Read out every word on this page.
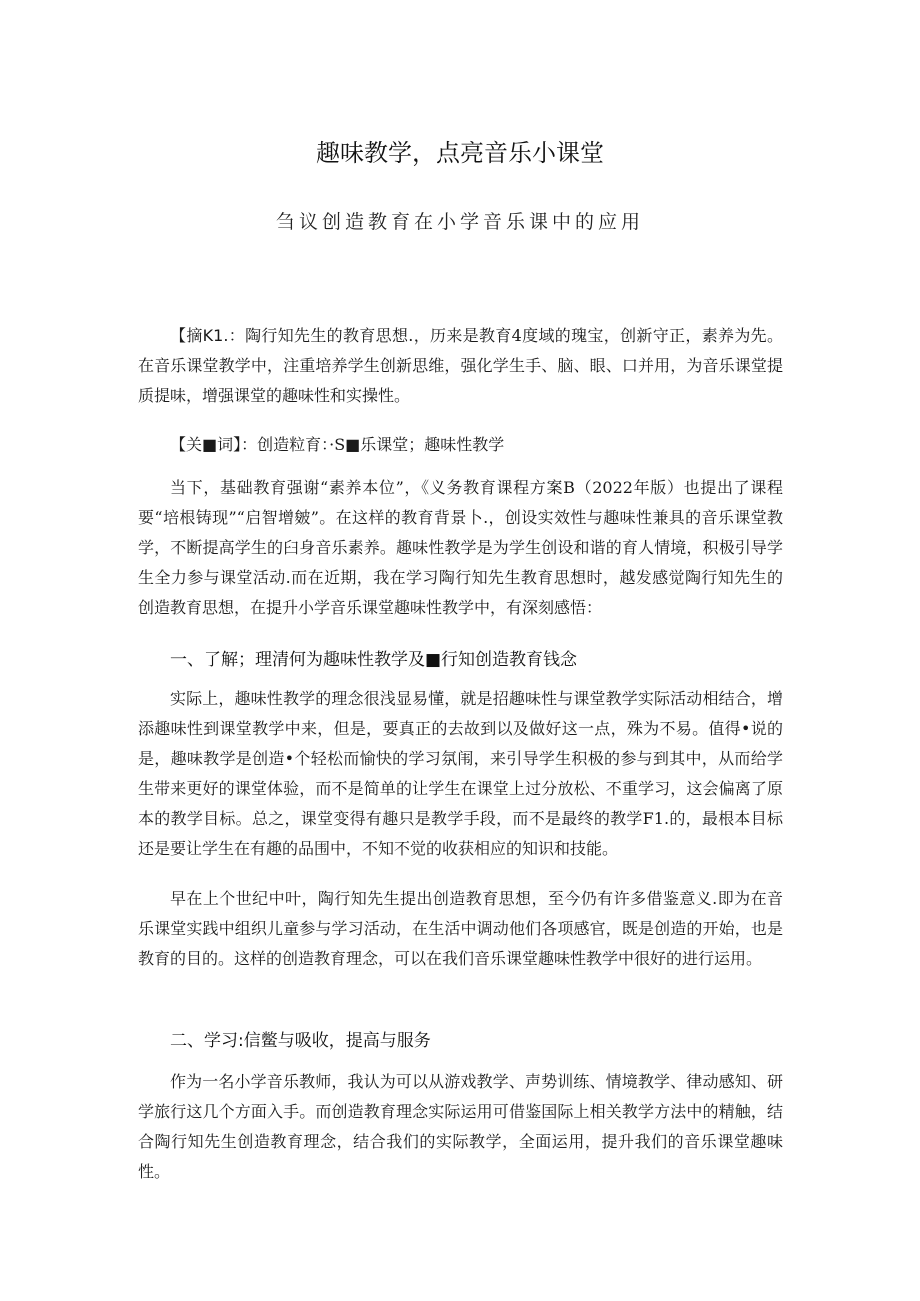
趣味教学，点亮音乐小课堂
刍议创造教育在小学音乐课中的应用
【摘K1.：陶行知先生的教育思想.，历来是教育4度域的瑰宝，创新守正，素养为先。在音乐课堂教学中，注重培养学生创新思维，强化学生手、脑、眼、口并用，为音乐课堂提质提味，增强课堂的趣味性和实操性。
【关■词】：创造粒育：·S■乐课堂；趣味性教学
当下，基础教育强谢“素养本位”，《义务教育课程方案B（2022年版）也提出了课程要“培根铸现”“启智增皴”。在这样的教育背景卜.，创设实效性与趣味性兼具的音乐课堂教学，不断提高学生的臼身音乐素养。趣味性教学是为学生创设和谐的育人情境，积极引导学生全力参与课堂活动.而在近期，我在学习陶行知先生教育思想时，越发感觉陶行知先生的创造教育思想，在提升小学音乐课堂趣味性教学中，有深刻感悟：
一、了解；理清何为趣味性教学及■行知创造教育钱念
实际上，趣味性教学的理念很浅显易懂，就是招趣味性与课堂教学实际活动相结合，增添趣味性到课堂教学中来，但是，要真正的去故到以及做好这一点，殊为不易。值得•说的是，趣味教学是创造•个轻松而愉快的学习氛闱，来引导学生积极的参与到其中，从而给学生带来更好的课堂体验，而不是简单的让学生在课堂上过分放松、不重学习，这会偏离了原本的教学目标。总之，课堂变得有趣只是教学手段，而不是最终的教学F1.的，最根本目标还是要让学生在有趣的品围中，不知不觉的收获相应的知识和技能。
早在上个世纪中叶，陶行知先生提出创造教育思想，至今仍有许多借鉴意义.即为在音乐课堂实践中组织儿童参与学习活动，在生活中调动他们各项感官，既是创造的开始，也是教育的目的。这样的创造教育理念，可以在我们音乐课堂趣味性教学中很好的进行运用。
二、学习:信鳖与吸收，提高与服务
作为一名小学音乐教师，我认为可以从游戏教学、声势训练、情境教学、律动感知、研学旅行这几个方面入手。而创造教育理念实际运用可借鉴国际上相关教学方法中的精触，结合陶行知先生创造教育理念，结合我们的实际教学，全面运用，提升我们的音乐课堂趣味性。
